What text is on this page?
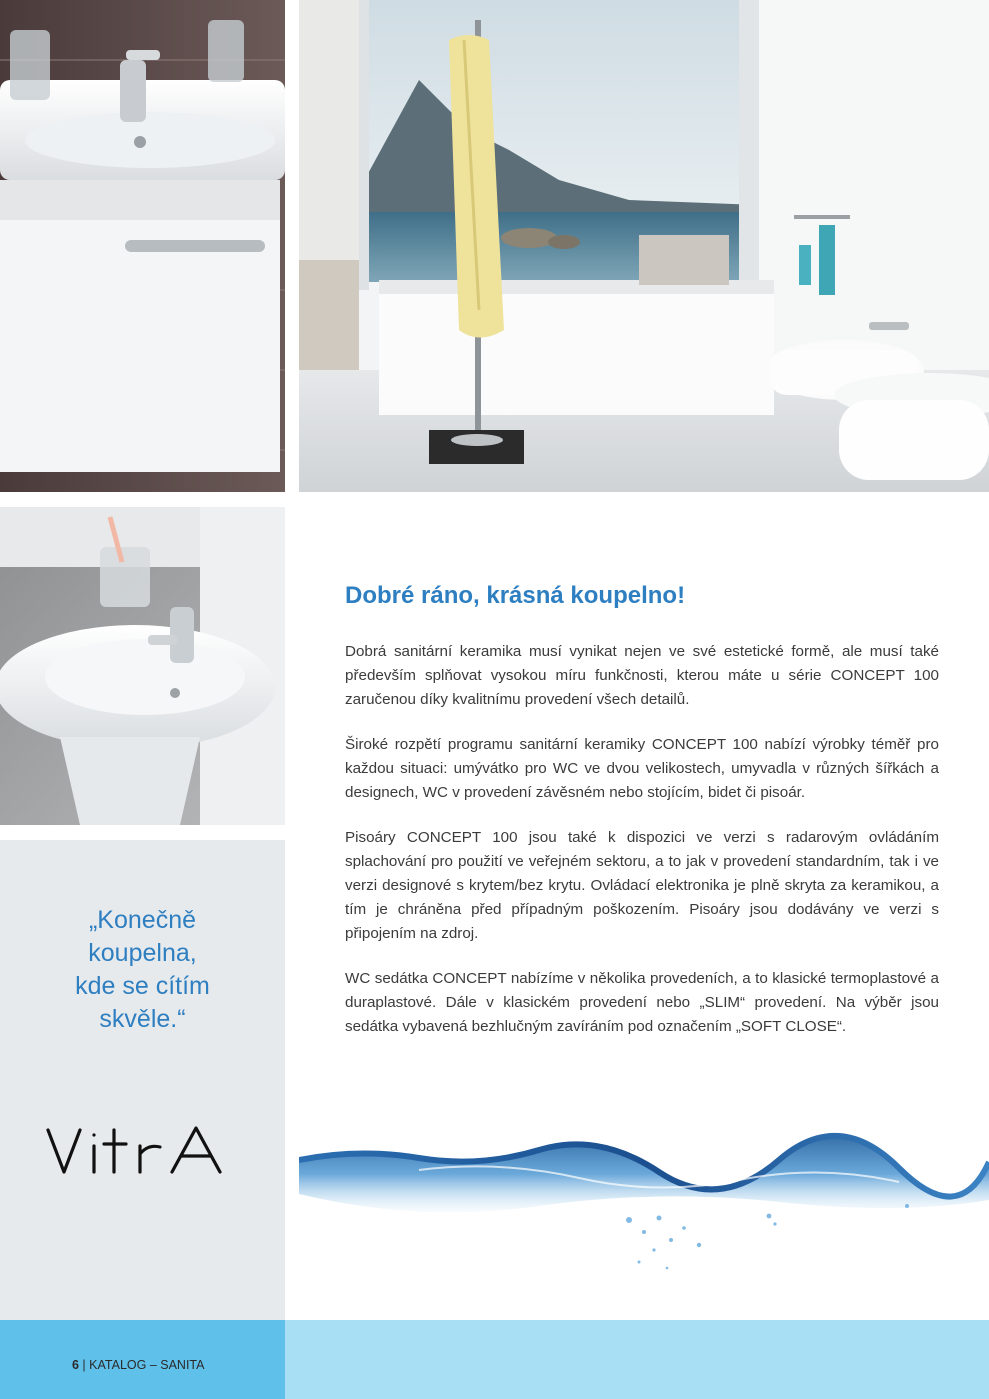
„Konečně
koupelna,
kde se cítím
skvěle.“

Dobré ráno, krásná koupelno!

Dobrá sanitární keramika musí vynikat nejen ve své estetické formě, ale musí také především splňovat vysokou míru funkčnosti, kterou máte u série CONCEPT 100 zaručenou díky kvalitnímu provedení všech detailů.

Široké rozpětí programu sanitární keramiky CONCEPT 100 nabízí výrobky téměř pro každou situaci: umývátko pro WC ve dvou velikostech, umyvadla v různých šířkách a designech, WC v provedení závěsném nebo stojícím, bidet či pisoár.

Pisoáry CONCEPT 100 jsou také k dispozici ve verzi s radarovým ovládáním splachování pro použití ve veřejném sektoru, a to jak v provedení standardním, tak i ve verzi designové s krytem/bez krytu. Ovládací elektronika je plně skryta za keramikou, a tím je chráněna před případným poškozením. Pisoáry jsou dodávány ve verzi s připojením na zdroj.

WC sedátka CONCEPT nabízíme v několika provedeních, a to klasické termoplastové a duraplastové. Dále v klasickém provedení nebo „SLIM“ provedení. Na výběr jsou sedátka vybavená bezhlučným zavíráním pod označením „SOFT CLOSE“.

6 | KATALOG – SANITA
